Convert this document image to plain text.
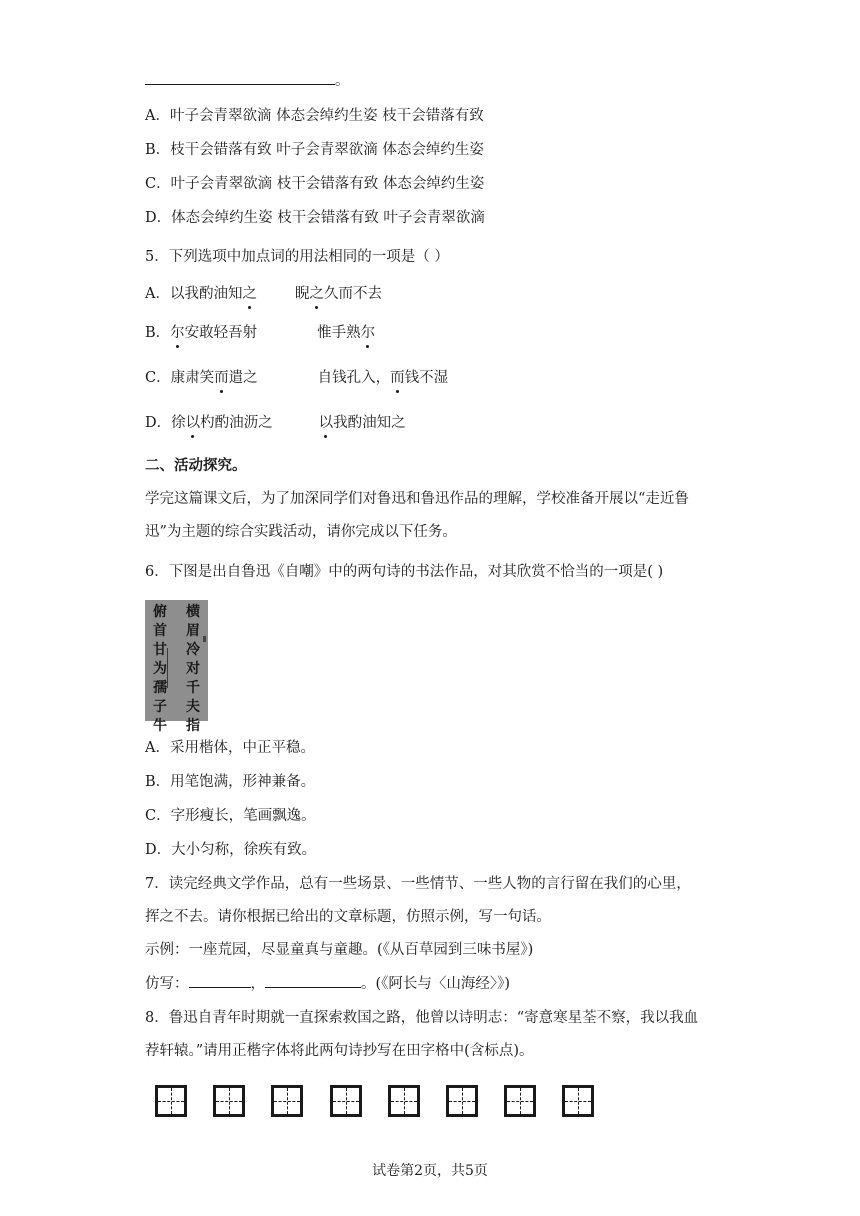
。
A．叶子会青翠欲滴 体态会绰约生姿 枝干会错落有致
B．枝干会错落有致 叶子会青翠欲滴 体态会绰约生姿
C．叶子会青翠欲滴 枝干会错落有致 体态会绰约生姿
D．体态会绰约生姿 枝干会错落有致 叶子会青翠欲滴
5．下列选项中加点词的用法相同的一项是（ ）
A．以我酌油知之	睨之久而不去
B．尔安敢轻吾射	惟手熟尔
C．康肃笑而遣之	自钱孔入，而钱不湿
D．徐以杓酌油沥之	以我酌油知之
二、活动探究。
学完这篇课文后，为了加深同学们对鲁迅和鲁迅作品的理解，学校准备开展以“走近鲁
迅”为主题的综合实践活动，请你完成以下任务。
6．下图是出自鲁迅《自嘲》中的两句诗的书法作品，对其欣赏不恰当的一项是( )
横
眉
冷
对
千
夫
指
俯
首
甘
为
孺
子
牛
A．采用楷体，中正平稳。
B．用笔饱满，形神兼备。
C．字形瘦长，笔画飘逸。
D．大小匀称，徐疾有致。
7．读完经典文学作品，总有一些场景、一些情节、一些人物的言行留在我们的心里，
挥之不去。请你根据已给出的文章标题，仿照示例，写一句话。
示例：一座荒园，尽显童真与童趣。(《从百草园到三味书屋》)
仿写：	，	。(《阿长与〈山海经〉》)
8．鲁迅自青年时期就一直探索救国之路，他曾以诗明志：“寄意寒星荃不察，我以我血
荐轩辕。”请用正楷字体将此两句诗抄写在田字格中(含标点)。
试卷第2页，共5页
